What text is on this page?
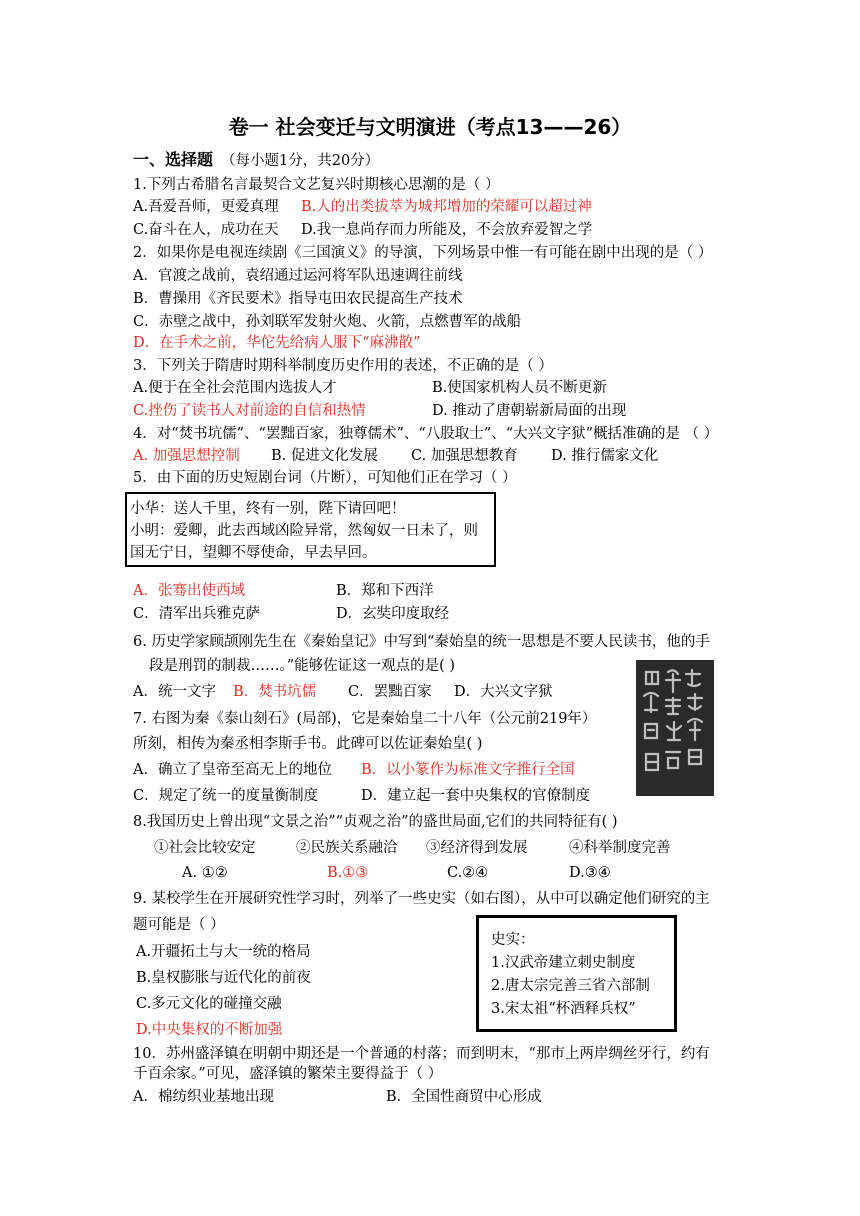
卷一 社会变迁与文明演进（考点13——26）
一、选择题 （每小题1分，共20分）
1.下列古希腊名言最契合文艺复兴时期核心思潮的是（ ）
A.吾爱吾师，更爱真理 B.人的出类拔萃为城邦增加的荣耀可以超过神
C.奋斗在人，成功在天 D.我一息尚存而力所能及，不会放弃爱智之学
2．如果你是电视连续剧《三国演义》的导演，下列场景中惟一有可能在剧中出现的是（ ）
A．官渡之战前，袁绍通过运河将军队迅速调往前线
B．曹操用《齐民要术》指导屯田农民提高生产技术
C．赤壁之战中，孙刘联军发射火炮、火箭，点燃曹军的战船
D．在手术之前，华佗先给病人服下“麻沸散”
3．下列关于隋唐时期科举制度历史作用的表述，不正确的是（ ）
A.便于在全社会范围内选拔人才	B.使国家机构人员不断更新
C.挫伤了读书人对前途的自信和热情	D. 推动了唐朝崭新局面的出现
4．对“焚书坑儒”、“罢黜百家，独尊儒术”、“八股取士”、“大兴文字狱”概括准确的是 （ ）
A. 加强思想控制 B. 促进文化发展 C. 加强思想教育 D. 推行儒家文化
5．由下面的历史短剧台词（片断），可知他们正在学习（ ）
小华：送人千里，终有一别，陛下请回吧！
小明：爱卿，此去西域凶险异常，然匈奴一日未了，则
国无宁日，望卿不辱使命，早去早回。
A．张骞出使西域	B．郑和下西洋
C．清军出兵雅克萨	D．玄奘印度取经
6. 历史学家顾颉刚先生在《秦始皇记》中写到“秦始皇的统一思想是不要人民读书，他的手
段是刑罚的制裁……。”能够佐证这一观点的是( )
A．统一文字 B．焚书坑儒 C．罢黜百家 D．大兴文字狱
7. 右图为秦《泰山刻石》(局部)，它是秦始皇二十八年（公元前219年）
所刻，相传为秦丞相李斯手书。此碑可以佐证秦始皇( )
A．确立了皇帝至高无上的地位 B．以小篆作为标准文字推行全国
C．规定了统一的度量衡制度	D．建立起一套中央集权的官僚制度
8.我国历史上曾出现“文景之治”“贞观之治”的盛世局面,它们的共同特征有( )
①社会比较安定	②民族关系融洽 ③经济得到发展	④科举制度完善
A. ①②	B.①③	C.②④	D.③④
9. 某校学生在开展研究性学习时，列举了一些史实（如右图），从中可以确定他们研究的主
题可能是（ ）
A.开疆拓土与大一统的格局
B.皇权膨胀与近代化的前夜
C.多元文化的碰撞交融
D.中央集权的不断加强
史实：
1.汉武帝建立刺史制度
2.唐太宗完善三省六部制
3.宋太祖“杯酒释兵权”
10．苏州盛泽镇在明朝中期还是一个普通的村落；而到明末，“那市上两岸绸丝牙行，约有
千百余家。”可见，盛泽镇的繁荣主要得益于（ ）
A．棉纺织业基地出现	B．全国性商贸中心形成
